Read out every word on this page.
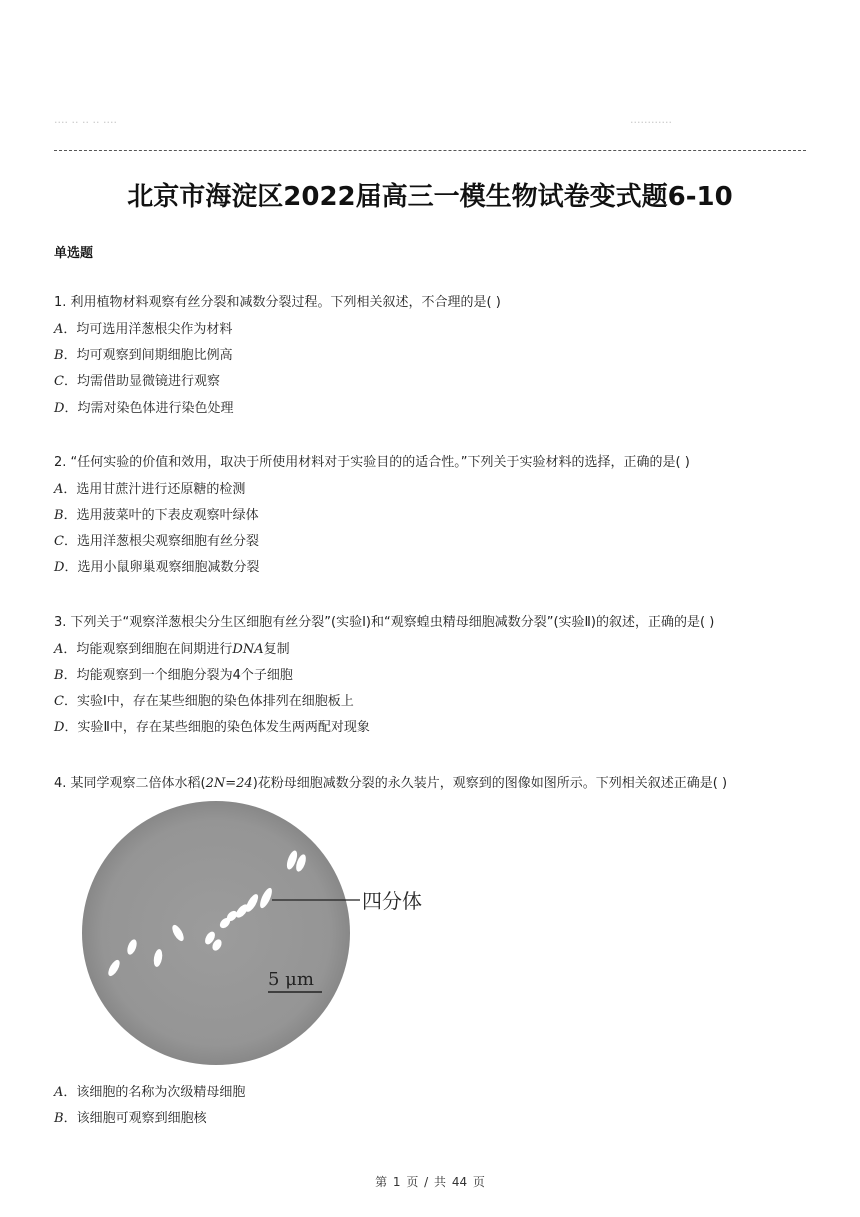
···· ·· ·· ·· ····	············
北京市海淀区2022届高三一模生物试卷变式题6-10
单选题
1. 利用植物材料观察有丝分裂和减数分裂过程。下列相关叙述，不合理的是( )
A．均可选用洋葱根尖作为材料
B．均可观察到间期细胞比例高
C．均需借助显微镜进行观察
D．均需对染色体进行染色处理
2. “任何实验的价值和效用，取决于所使用材料对于实验目的的适合性。”下列关于实验材料的选择，正确的是( )
A．选用甘蔗汁进行还原糖的检测
B．选用菠菜叶的下表皮观察叶绿体
C．选用洋葱根尖观察细胞有丝分裂
D．选用小鼠卵巢观察细胞减数分裂
3. 下列关于“观察洋葱根尖分生区细胞有丝分裂”(实验Ⅰ)和“观察蝗虫精母细胞减数分裂”(实验Ⅱ)的叙述，正确的是( )
A．均能观察到细胞在间期进行DNA复制
B．均能观察到一个细胞分裂为4个子细胞
C．实验Ⅰ中，存在某些细胞的染色体排列在细胞板上
D．实验Ⅱ中，存在某些细胞的染色体发生两两配对现象
4. 某同学观察二倍体水稻(2N=24)花粉母细胞减数分裂的永久装片，观察到的图像如图所示。下列相关叙述正确是( )
四分体
5 μm
A．该细胞的名称为次级精母细胞
B．该细胞可观察到细胞核
第 1 页 / 共 44 页
